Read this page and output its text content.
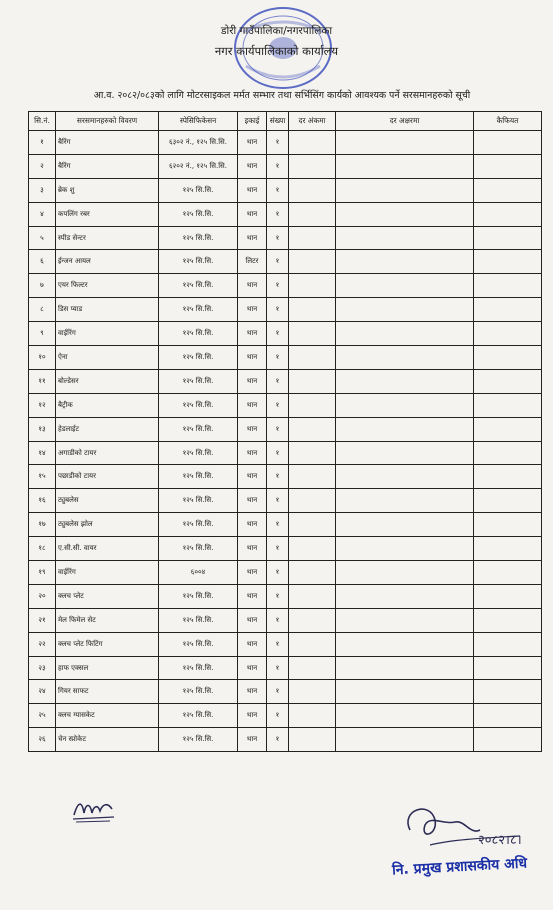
डोरी गाउँपालिका/नगरपालिका
नगर कार्यपालिकाको कार्यालय
आ.व. २०८२/०८३को लागि मोटरसाइकल मर्मत सम्भार तथा सर्भिसिंग कार्यको आवश्यक पर्ने सरसमानहरुको सूची
सि.नं.	सरसमानहरुको विवरण	स्पेसिफिकेसन	इकाई	संख्या	दर अंकमा	दर अक्षरमा	कैफियत
१	बैरिंग	६३०२ नं., १२५ सि.सि.	थान	१			
२	बैरिंग	६२०२ नं., १२५ सि.सि.	थान	१			
३	ब्रेक शु	१२५ सि.सि.	थान	१			
४	कपलिंग रबर	१२५ सि.सि.	थान	१			
५	स्पीड सेन्टर	१२५ सि.सि.	थान	१			
६	ईन्जन आयल	१२५ सि.सि.	लिटर	१			
७	एयर फिल्टर	१२५ सि.सि.	थान	१			
८	डिस प्याड	१२५ सि.सि.	थान	१			
९	वाईरिंग	१२५ सि.सि.	थान	१			
१०	ऐना	१२५ सि.सि.	थान	१			
११	बोल्डेसर	१२५ सि.सि.	थान	१			
१२	बैट्रीक	१२५ सि.सि.	थान	१			
१३	हेडलाईट	१२५ सि.सि.	थान	१			
१४	अगाडीको टायर	१२५ सि.सि.	थान	१			
१५	पछाडीको टायर	१२५ सि.सि.	थान	१			
१६	ट्युबलेस	१२५ सि.सि.	थान	१			
१७	ट्युबलेस झोल	१२५ सि.सि.	थान	१			
१८	ए.सी.सी. वायर	१२५ सि.सि.	थान	१			
१९	वाईरिंग	६००४	थान	१			
२०	क्लच प्लेट	१२५ सि.सि.	थान	१			
२१	मेल फिमेल सेट	१२५ सि.सि.	थान	१			
२२	क्लच प्लेट फिटिंग	१२५ सि.सि.	थान	१			
२३	हाफ एक्सल	१२५ सि.सि.	थान	१			
२४	गियर साफट	१२५ सि.सि.	थान	१			
२५	क्लच ग्यासकेट	१२५ सि.सि.	थान	१			
२६	चेन स्प्रोकेट	१२५ सि.सि.	थान	१			
२०८२।८।
नि. प्रमुख प्रशासकीय अधि
